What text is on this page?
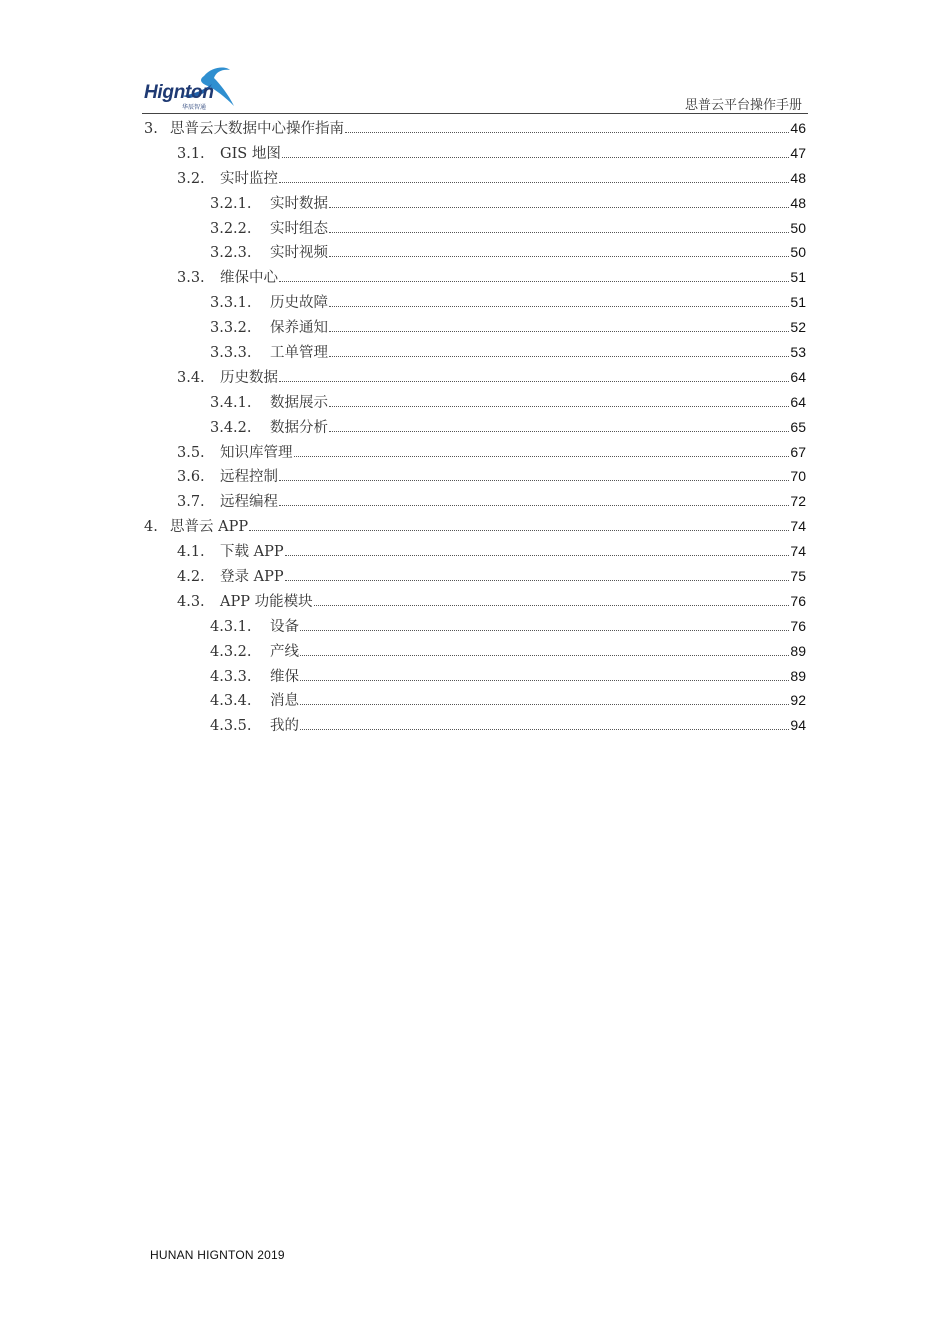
Hignton
华辰智通	思普云平台操作手册
3. 思普云大数据中心操作指南	46
3.1.	GIS 地图	47
3.2.	实时监控	48
3.2.1.	实时数据	48
3.2.2.	实时组态	50
3.2.3.	实时视频	50
3.3.	维保中心	51
3.3.1.	历史故障	51
3.3.2.	保养通知	52
3.3.3.	工单管理	53
3.4.	历史数据	64
3.4.1.	数据展示	64
3.4.2.	数据分析	65
3.5.	知识库管理	67
3.6.	远程控制	70
3.7.	远程编程	72
4. 思普云 APP	74
4.1.	下载 APP	74
4.2.	登录 APP	75
4.3.	APP 功能模块	76
4.3.1.	设备	76
4.3.2.	产线	89
4.3.3.	维保	89
4.3.4.	消息	92
4.3.5.	我的	94
HUNAN HIGNTON 2019
